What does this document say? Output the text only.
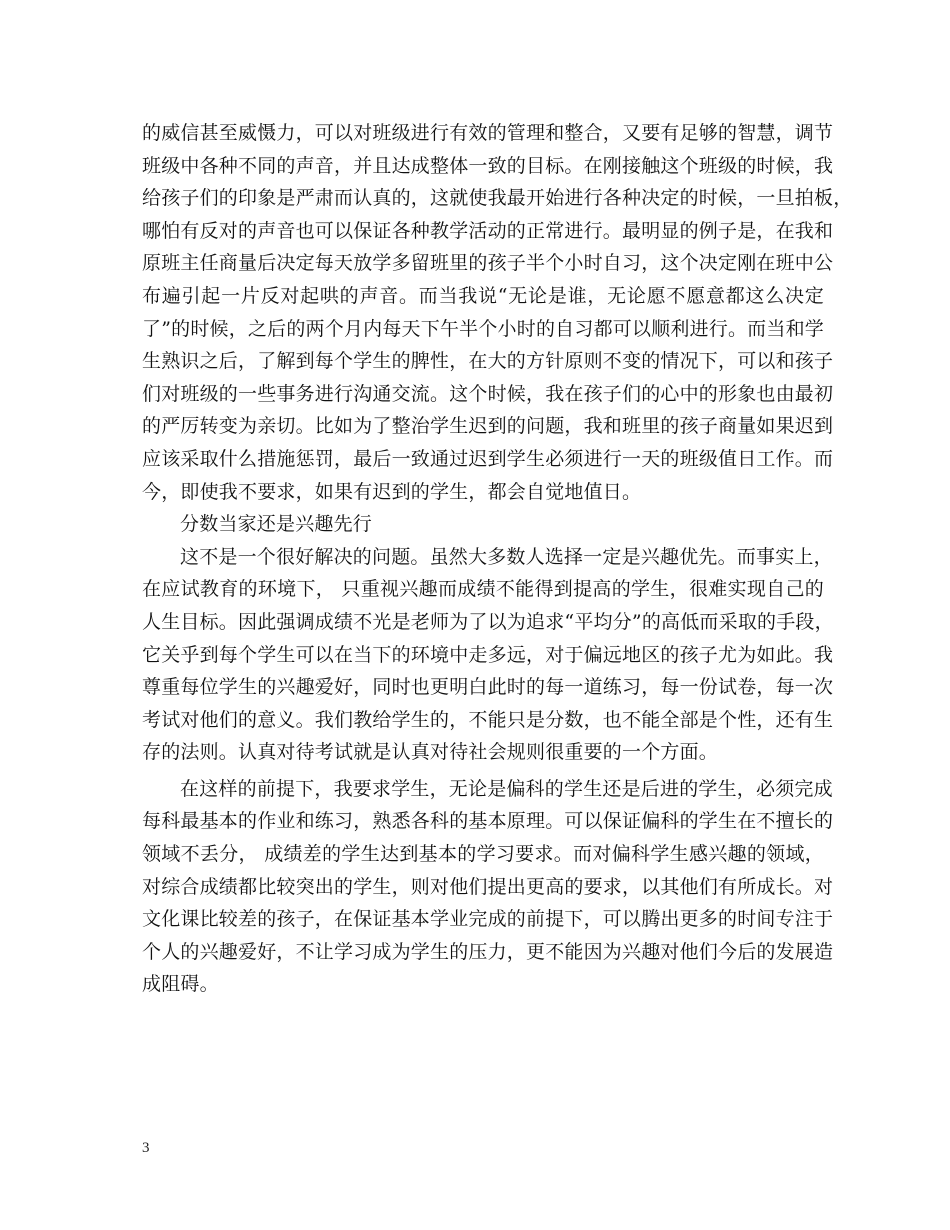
的威信甚至威慑力，可以对班级进行有效的管理和整合，又要有足够的智慧，调节
班级中各种不同的声音，并且达成整体一致的目标。在刚接触这个班级的时候，我
给孩子们的印象是严肃而认真的，这就使我最开始进行各种决定的时候，一旦拍板，
哪怕有反对的声音也可以保证各种教学活动的正常进行。最明显的例子是，在我和
原班主任商量后决定每天放学多留班里的孩子半个小时自习，这个决定刚在班中公
布遍引起一片反对起哄的声音。而当我说“无论是谁，无论愿不愿意都这么决定
了”的时候，之后的两个月内每天下午半个小时的自习都可以顺利进行。而当和学
生熟识之后，了解到每个学生的脾性，在大的方针原则不变的情况下，可以和孩子
们对班级的一些事务进行沟通交流。这个时候，我在孩子们的心中的形象也由最初
的严厉转变为亲切。比如为了整治学生迟到的问题，我和班里的孩子商量如果迟到
应该采取什么措施惩罚，最后一致通过迟到学生必须进行一天的班级值日工作。而
今，即使我不要求，如果有迟到的学生，都会自觉地值日。
分数当家还是兴趣先行
这不是一个很好解决的问题。虽然大多数人选择一定是兴趣优先。而事实上，
在应试教育的环境下， 只重视兴趣而成绩不能得到提高的学生，很难实现自己的
人生目标。因此强调成绩不光是老师为了以为追求“平均分”的高低而采取的手段，
它关乎到每个学生可以在当下的环境中走多远，对于偏远地区的孩子尤为如此。我
尊重每位学生的兴趣爱好，同时也更明白此时的每一道练习，每一份试卷，每一次
考试对他们的意义。我们教给学生的，不能只是分数，也不能全部是个性，还有生
存的法则。认真对待考试就是认真对待社会规则很重要的一个方面。
在这样的前提下，我要求学生，无论是偏科的学生还是后进的学生，必须完成
每科最基本的作业和练习，熟悉各科的基本原理。可以保证偏科的学生在不擅长的
领域不丢分， 成绩差的学生达到基本的学习要求。而对偏科学生感兴趣的领域，
对综合成绩都比较突出的学生，则对他们提出更高的要求，以其他们有所成长。对
文化课比较差的孩子，在保证基本学业完成的前提下，可以腾出更多的时间专注于
个人的兴趣爱好，不让学习成为学生的压力，更不能因为兴趣对他们今后的发展造
成阻碍。
3
